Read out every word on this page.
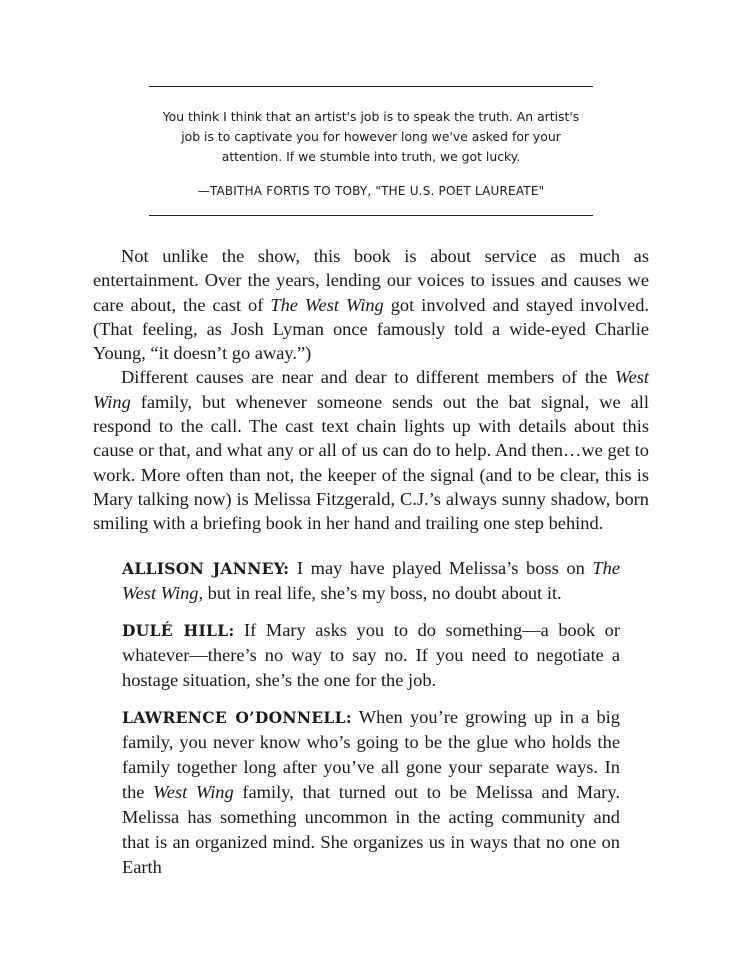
You think I think that an artist's job is to speak the truth. An artist's job is to captivate you for however long we've asked for your attention. If we stumble into truth, we got lucky.

—TABITHA FORTIS TO TOBY, "THE U.S. POET LAUREATE"

Not unlike the show, this book is about service as much as entertainment. Over the years, lending our voices to issues and causes we care about, the cast of The West Wing got involved and stayed involved. (That feeling, as Josh Lyman once famously told a wide-eyed Charlie Young, “it doesn’t go away.”)

Different causes are near and dear to different members of the West Wing family, but whenever someone sends out the bat signal, we all respond to the call. The cast text chain lights up with details about this cause or that, and what any or all of us can do to help. And then…we get to work. More often than not, the keeper of the signal (and to be clear, this is Mary talking now) is Melissa Fitzgerald, C.J.’s always sunny shadow, born smiling with a briefing book in her hand and trailing one step behind.

ALLISON JANNEY: I may have played Melissa’s boss on The West Wing, but in real life, she’s my boss, no doubt about it.

DULÉ HILL: If Mary asks you to do something—a book or whatever—there’s no way to say no. If you need to negotiate a hostage situation, she’s the one for the job.

LAWRENCE O’DONNELL: When you’re growing up in a big family, you never know who’s going to be the glue who holds the family together long after you’ve all gone your separate ways. In the West Wing family, that turned out to be Melissa and Mary. Melissa has something uncommon in the acting community and that is an organized mind. She organizes us in ways that no one on Earth
